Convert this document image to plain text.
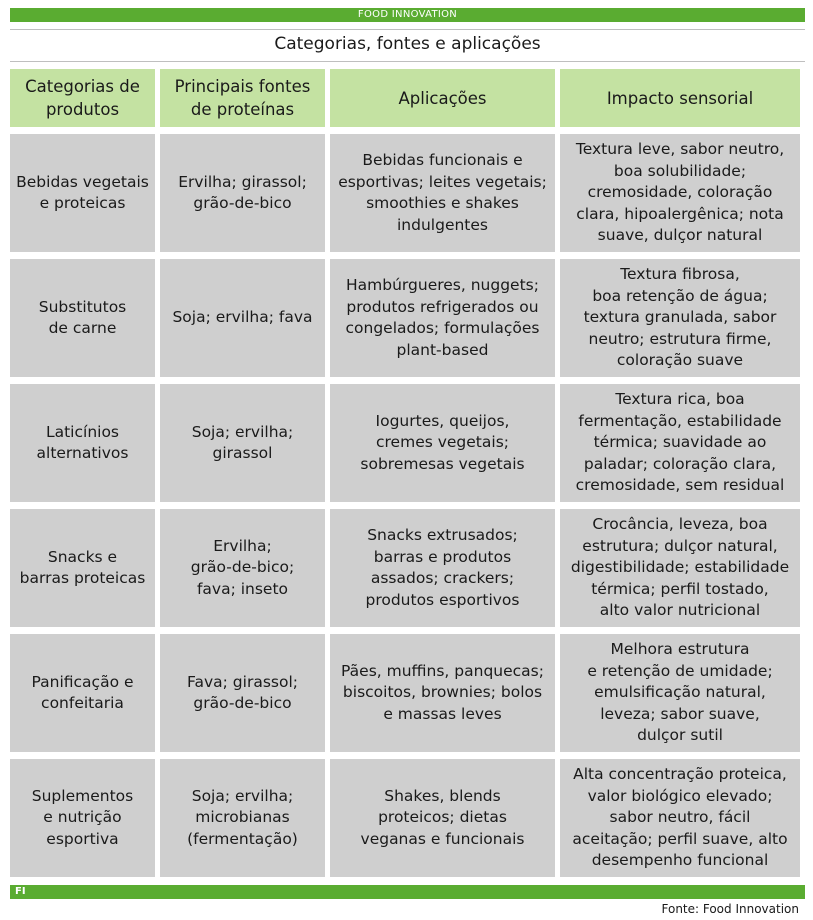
FOOD INNOVATION
Categorias, fontes e aplicações
Categorias de
produtos
Principais fontes
de proteínas
Aplicações	Impacto sensorial
Bebidas vegetais
e proteicas
Ervilha; girassol;
grão-de-bico
Bebidas funcionais e
esportivas; leites vegetais;
smoothies e shakes
indulgentes
Textura leve, sabor neutro,
boa solubilidade;
cremosidade, coloração
clara, hipoalergênica; nota
suave, dulçor natural
Substitutos
de carne
Soja; ervilha; fava
Hambúrgueres, nuggets;
produtos refrigerados ou
congelados; formulações
plant-based
Textura fibrosa,
boa retenção de água;
textura granulada, sabor
neutro; estrutura firme,
coloração suave
Laticínios
alternativos
Soja; ervilha;
girassol
Iogurtes, queijos,
cremes vegetais;
sobremesas vegetais
Textura rica, boa
fermentação, estabilidade
térmica; suavidade ao
paladar; coloração clara,
cremosidade, sem residual
Snacks e
barras proteicas
Ervilha;
grão-de-bico;
fava; inseto
Snacks extrusados;
barras e produtos
assados; crackers;
produtos esportivos
Crocância, leveza, boa
estrutura; dulçor natural,
digestibilidade; estabilidade
térmica; perfil tostado,
alto valor nutricional
Panificação e
confeitaria
Fava; girassol;
grão-de-bico
Pães, muffins, panquecas;
biscoitos, brownies; bolos
e massas leves
Melhora estrutura
e retenção de umidade;
emulsificação natural,
leveza; sabor suave,
dulçor sutil
Suplementos
e nutrição
esportiva
Soja; ervilha;
microbianas
(fermentação)
Shakes, blends
proteicos; dietas
veganas e funcionais
Alta concentração proteica,
valor biológico elevado;
sabor neutro, fácil
aceitação; perfil suave, alto
desempenho funcional
FI
Fonte: Food Innovation
